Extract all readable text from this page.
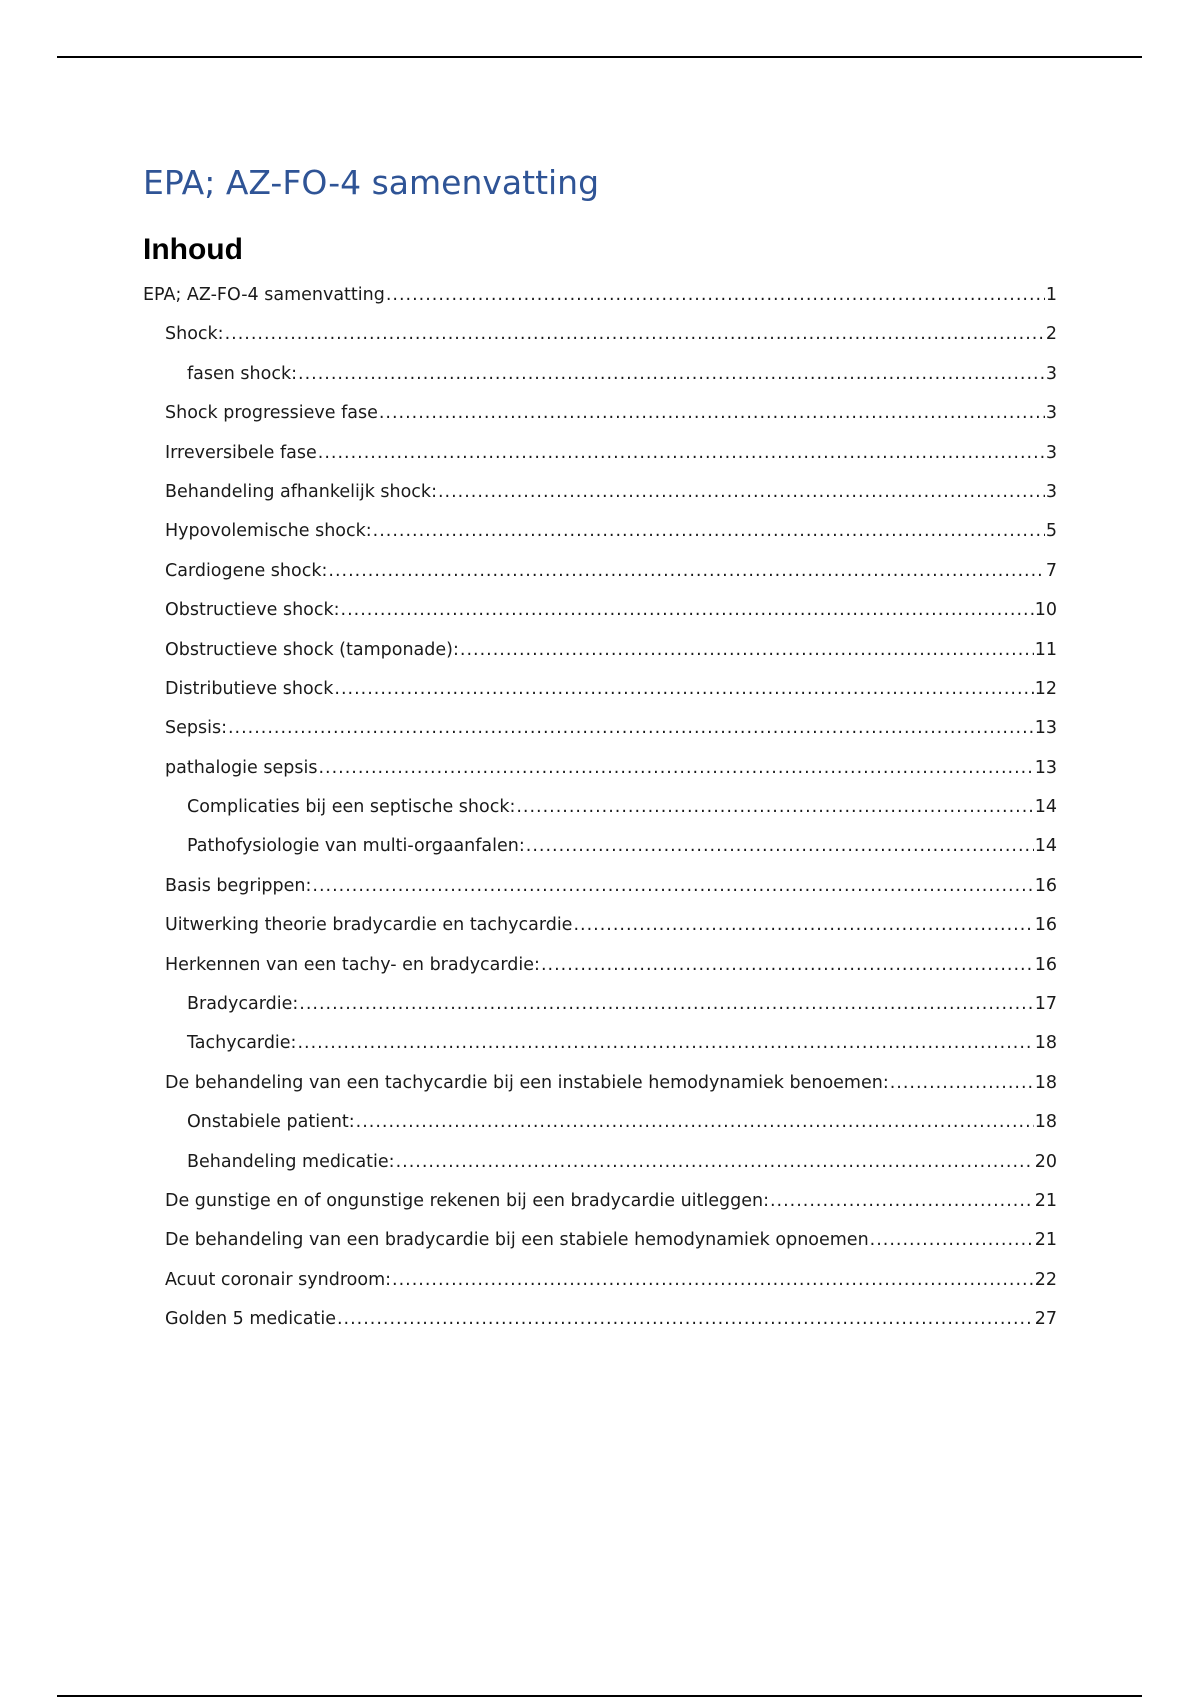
EPA; AZ-FO-4 samenvatting
Inhoud
EPA; AZ-FO-4 samenvatting .....	1
Shock: .....	2
fasen shock: .....	3
Shock progressieve fase .....	3
Irreversibele fase .....	3
Behandeling afhankelijk shock: .....	3
Hypovolemische shock: .....	5
Cardiogene shock: .....	7
Obstructieve shock: .....	10
Obstructieve shock (tamponade): .....	11
Distributieve shock .....	12
Sepsis: .....	13
pathalogie sepsis .....	13
Complicaties bij een septische shock: .....	14
Pathofysiologie van multi-orgaanfalen: .....	14
Basis begrippen: .....	16
Uitwerking theorie bradycardie en tachycardie .....	16
Herkennen van een tachy- en bradycardie: .....	16
Bradycardie: .....	17
Tachycardie: .....	18
De behandeling van een tachycardie bij een instabiele hemodynamiek benoemen: .....	18
Onstabiele patient: .....	18
Behandeling medicatie: .....	20
De gunstige en of ongunstige rekenen bij een bradycardie uitleggen: .....	21
De behandeling van een bradycardie bij een stabiele hemodynamiek opnoemen .....	21
Acuut coronair syndroom: .....	22
Golden 5 medicatie .....	27
